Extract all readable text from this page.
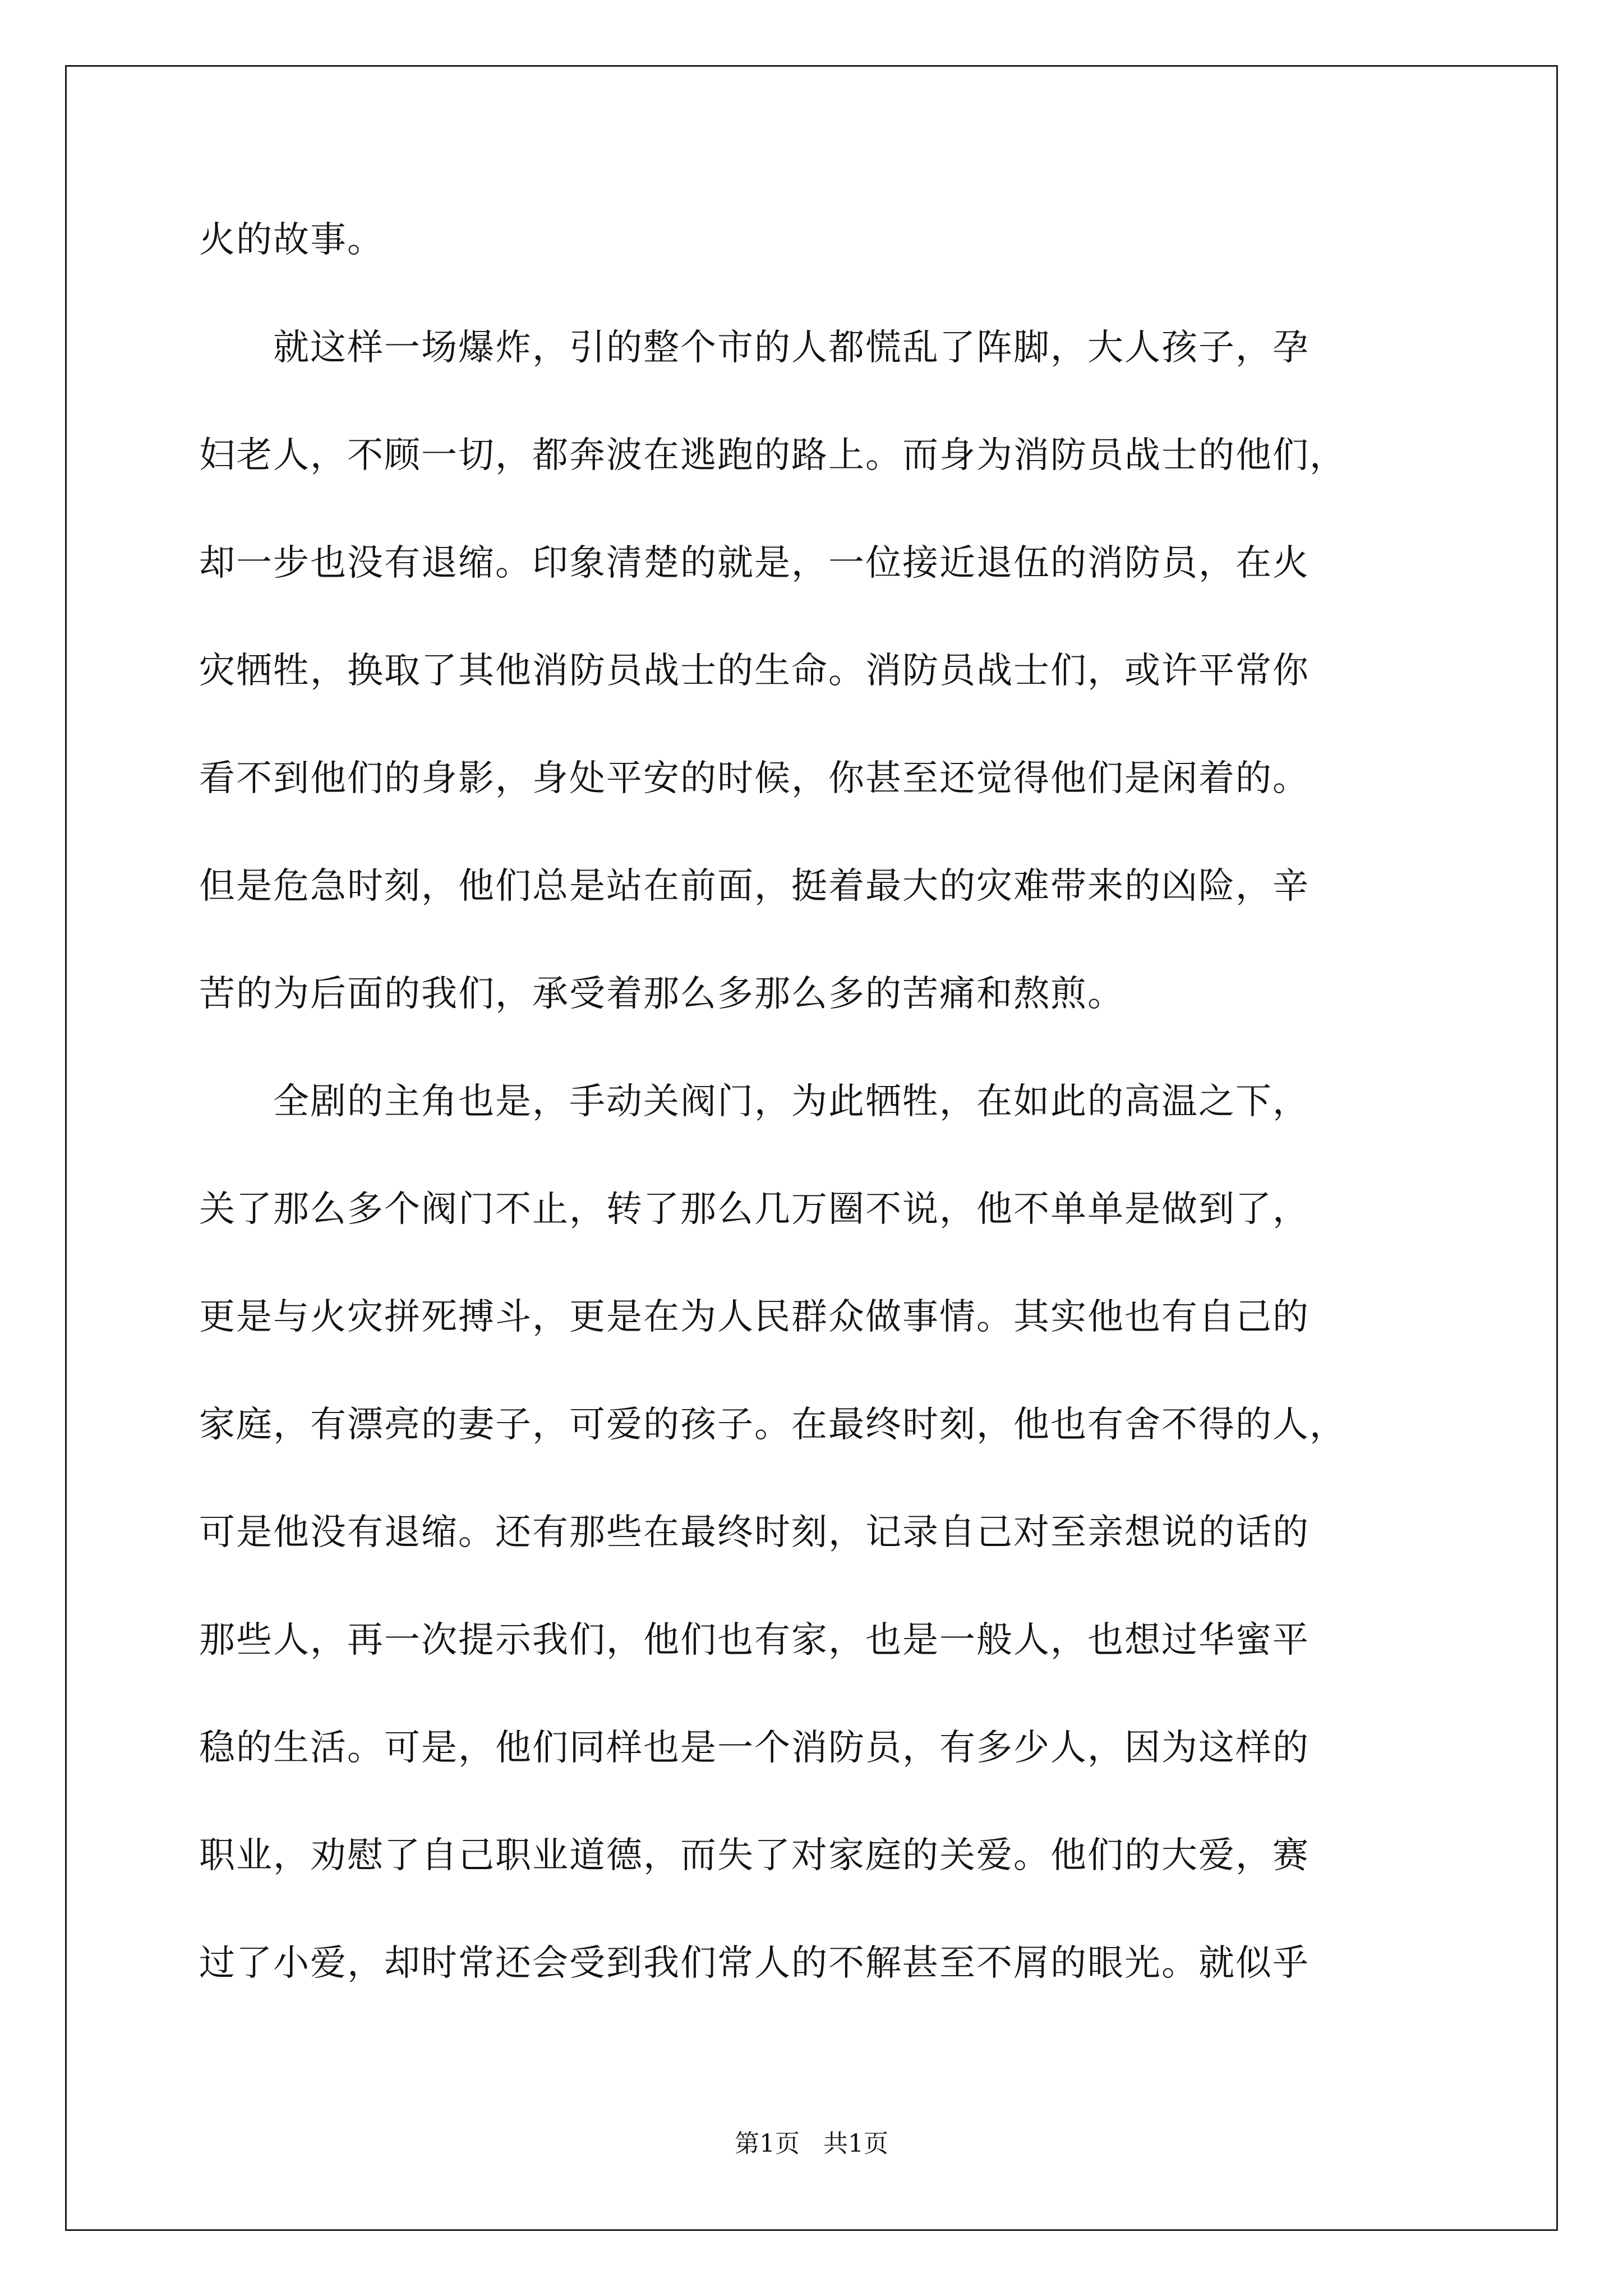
火的故事。
就这样一场爆炸，引的整个市的人都慌乱了阵脚，大人孩子，孕
妇老人，不顾一切，都奔波在逃跑的路上。而身为消防员战士的他们，
却一步也没有退缩。印象清楚的就是，一位接近退伍的消防员，在火
灾牺牲，换取了其他消防员战士的生命。消防员战士们，或许平常你
看不到他们的身影，身处平安的时候，你甚至还觉得他们是闲着的。
但是危急时刻，他们总是站在前面，挺着最大的灾难带来的凶险，辛
苦的为后面的我们，承受着那么多那么多的苦痛和熬煎。
全剧的主角也是，手动关阀门，为此牺牲，在如此的高温之下，
关了那么多个阀门不止，转了那么几万圈不说，他不单单是做到了，
更是与火灾拼死搏斗，更是在为人民群众做事情。其实他也有自己的
家庭，有漂亮的妻子，可爱的孩子。在最终时刻，他也有舍不得的人，
可是他没有退缩。还有那些在最终时刻，记录自己对至亲想说的话的
那些人，再一次提示我们，他们也有家，也是一般人，也想过华蜜平
稳的生活。可是，他们同样也是一个消防员，有多少人，因为这样的
职业，劝慰了自己职业道德，而失了对家庭的关爱。他们的大爱，赛
过了小爱，却时常还会受到我们常人的不解甚至不屑的眼光。就似乎
第1页   共1页
